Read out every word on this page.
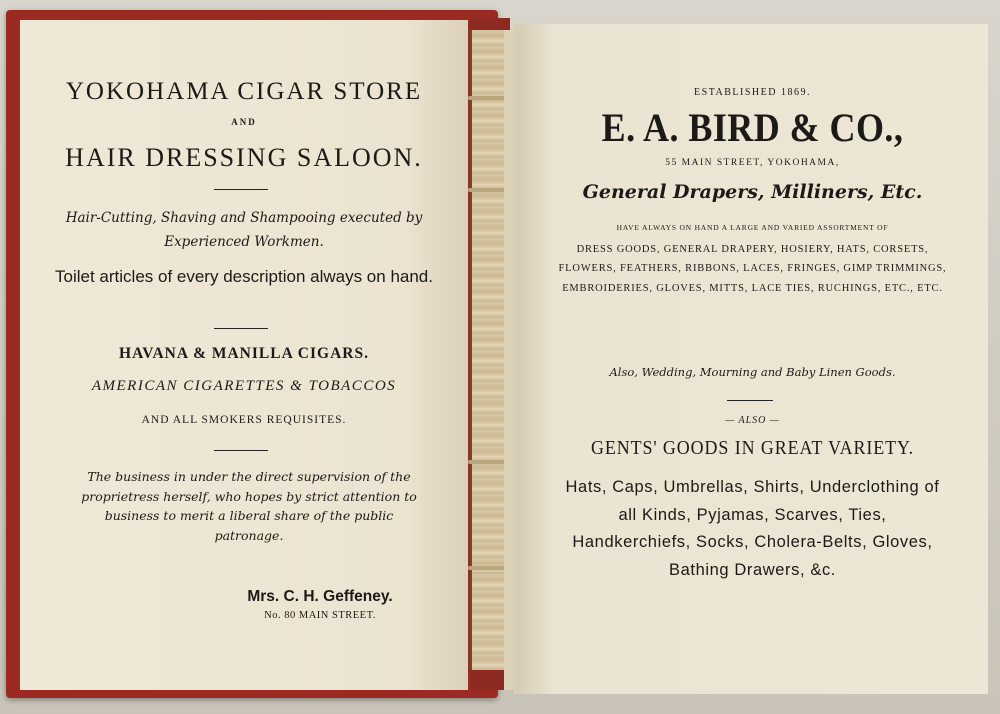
YOKOHAMA CIGAR STORE
AND
HAIR DRESSING SALOON.
Hair-Cutting, Shaving and Shampooing executed by Experienced Workmen.
Toilet articles of every description always on hand.
HAVANA & MANILLA CIGARS.
AMERICAN CIGARETTES & TOBACCOS
AND ALL SMOKERS REQUISITES.
The business in under the direct supervision of the proprietress herself, who hopes by strict attention to business to merit a liberal share of the public patronage.
Mrs. C. H. Geffeney.
No. 80 MAIN STREET.
ESTABLISHED 1869.
E. A. BIRD & CO.,
55 MAIN STREET, YOKOHAMA,
General Drapers, Milliners, Etc.
HAVE ALWAYS ON HAND A LARGE AND VARIED ASSORTMENT OF
DRESS GOODS, GENERAL DRAPERY, HOSIERY, HATS, CORSETS, FLOWERS, FEATHERS, RIBBONS, LACES, FRINGES, GIMP TRIMMINGS, EMBROIDERIES, GLOVES, MITTS, LACE TIES, RUCHINGS, ETC., ETC.
Also, Wedding, Mourning and Baby Linen Goods.
— ALSO —
GENTS' GOODS IN GREAT VARIETY.
Hats, Caps, Umbrellas, Shirts, Underclothing of all Kinds, Pyjamas, Scarves, Ties, Handkerchiefs, Socks, Cholera-Belts, Gloves, Bathing Drawers, &c.
